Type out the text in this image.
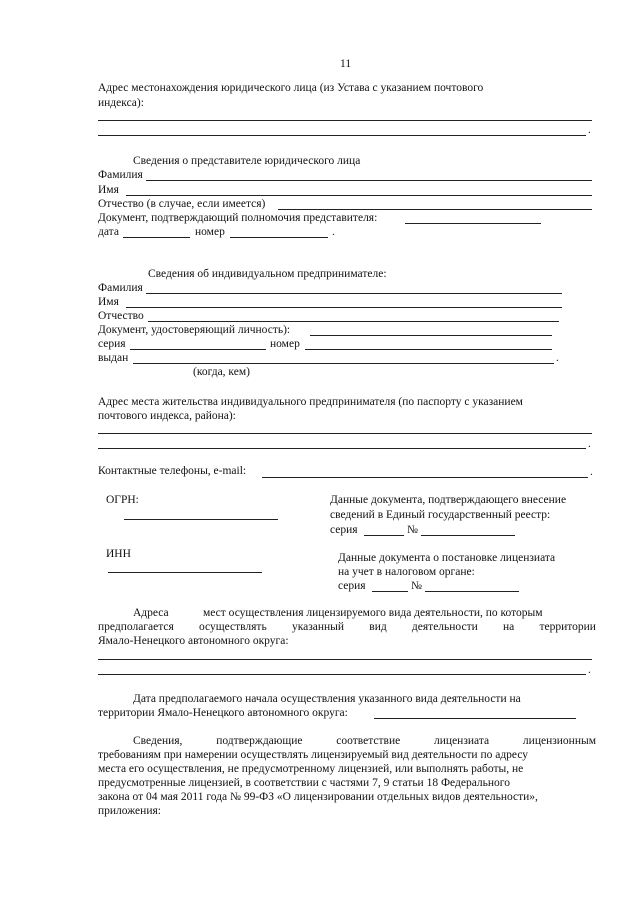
11
Адрес местонахождения юридического лица (из Устава с указанием почтового
индекса):
.
Сведения о представителе юридического лица
Фамилия
Имя
Отчество (в случае, если имеется)
Документ, подтверждающий полномочия представителя:
дата	номер	.
Сведения об индивидуальном предпринимателе:
Фамилия
Имя
Отчество
Документ, удостоверяющий личность):
серия	номер
выдан	.
(когда, кем)
Адрес места жительства индивидуального предпринимателя (по паспорту с указанием
почтового индекса, района):
.
Контактные телефоны, e-mail:	.
ОГРН:	Данные документа, подтверждающего внесение
сведений в Единый государственный реестр:
серия	№
ИНН	Данные документа о постановке лицензиата
на учет в налоговом органе:
серия	№
Адреса	мест осуществления лицензируемого вида деятельности, по которым
предполагается осуществлять указанный вид деятельности на территории
Ямало-Ненецкого автономного округа:
.
Дата предполагаемого начала осуществления указанного вида деятельности на
территории Ямало-Ненецкого автономного округа:
Сведения,	подтверждающие	соответствие	лицензиата	лицензионным
требованиям при намерении осуществлять лицензируемый вид деятельности по адресу
места его осуществления, не предусмотренному лицензией, или выполнять работы, не
предусмотренные лицензией, в соответствии с частями 7, 9 статьи 18 Федерального
закона от 04 мая 2011 года № 99-ФЗ «О лицензировании отдельных видов деятельности»,
приложения:
